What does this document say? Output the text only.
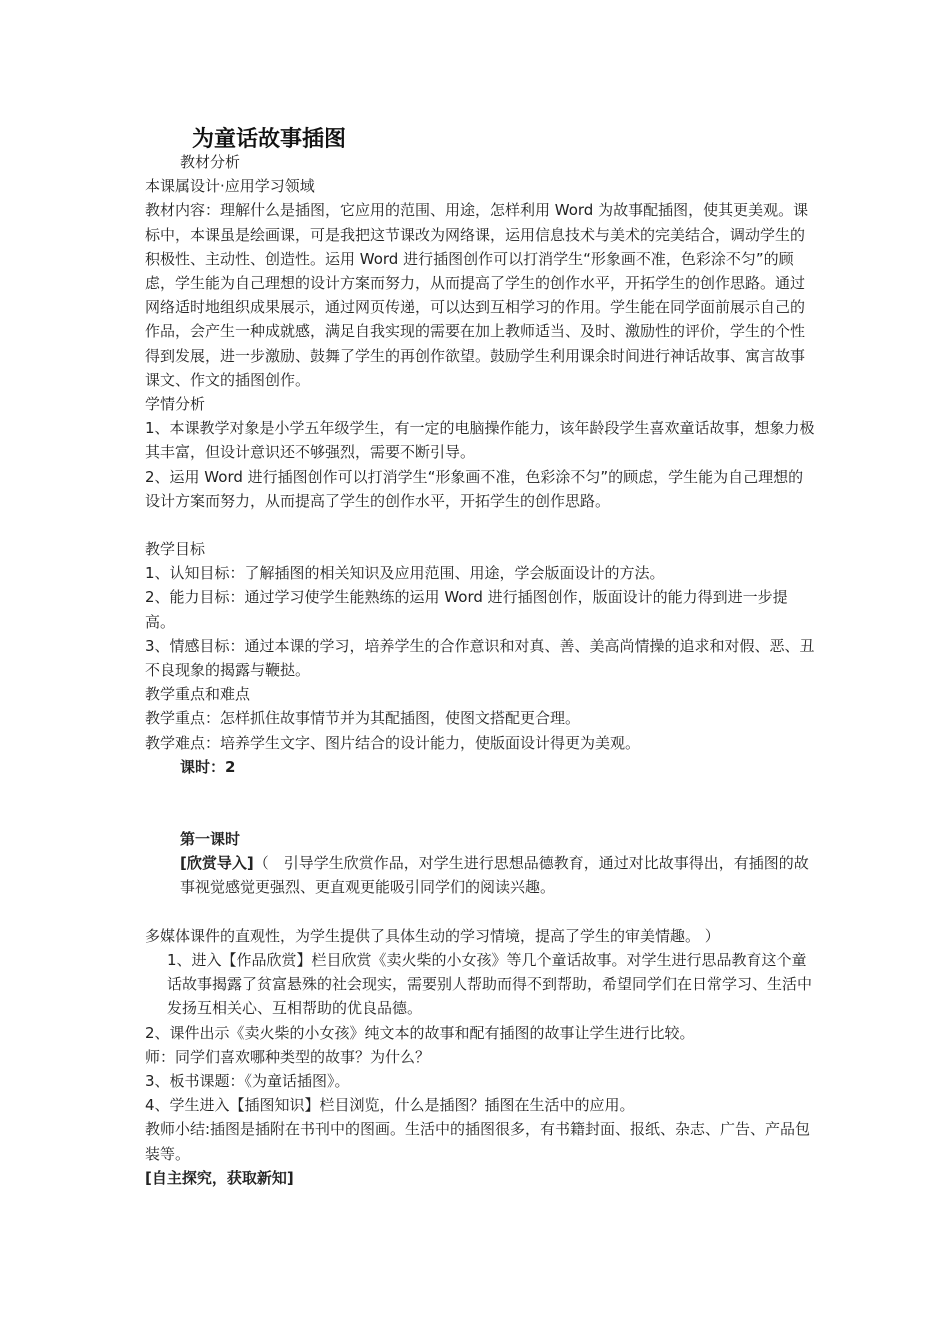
为童话故事插图

教材分析

本课属设计·应用学习领域

教材内容：理解什么是插图，它应用的范围、用途，怎样利用 Word 为故事配插图，使其更美观。课标中，本课虽是绘画课，可是我把这节课改为网络课，运用信息技术与美术的完美结合，调动学生的积极性、主动性、创造性。运用 Word 进行插图创作可以打消学生“形象画不准，色彩涂不匀”的顾虑，学生能为自己理想的设计方案而努力，从而提高了学生的创作水平，开拓学生的创作思路。通过网络适时地组织成果展示，通过网页传递，可以达到互相学习的作用。学生能在同学面前展示自己的作品，会产生一种成就感，满足自我实现的需要在加上教师适当、及时、激励性的评价，学生的个性得到发展，进一步激励、鼓舞了学生的再创作欲望。鼓励学生利用课余时间进行神话故事、寓言故事课文、作文的插图创作。

学情分析

1、本课教学对象是小学五年级学生，有一定的电脑操作能力，该年龄段学生喜欢童话故事，想象力极其丰富，但设计意识还不够强烈，需要不断引导。

2、运用 Word 进行插图创作可以打消学生“形象画不准，色彩涂不匀”的顾虑，学生能为自己理想的设计方案而努力，从而提高了学生的创作水平，开拓学生的创作思路。

教学目标

1、认知目标：了解插图的相关知识及应用范围、用途，学会版面设计的方法。

2、能力目标：通过学习使学生能熟练的运用 Word 进行插图创作，版面设计的能力得到进一步提高。

3、情感目标：通过本课的学习，培养学生的合作意识和对真、善、美高尚情操的追求和对假、恶、丑不良现象的揭露与鞭挞。

教学重点和难点

教学重点：怎样抓住故事情节并为其配插图，使图文搭配更合理。

教学难点：培养学生文字、图片结合的设计能力，使版面设计得更为美观。

课时：2

第一课时

[欣赏导入]（　引导学生欣赏作品，对学生进行思想品德教育，通过对比故事得出，有插图的故事视觉感觉更强烈、更直观更能吸引同学们的阅读兴趣。

多媒体课件的直观性，为学生提供了具体生动的学习情境，提高了学生的审美情趣。 ）

1、进入【作品欣赏】栏目欣赏《卖火柴的小女孩》等几个童话故事。对学生进行思品教育这个童话故事揭露了贫富悬殊的社会现实，需要别人帮助而得不到帮助，希望同学们在日常学习、生活中发扬互相关心、互相帮助的优良品德。

2、课件出示《卖火柴的小女孩》纯文本的故事和配有插图的故事让学生进行比较。

师：同学们喜欢哪种类型的故事？为什么？

3、板书课题：《为童话插图》。

4、学生进入【插图知识】栏目浏览，什么是插图？插图在生活中的应用。

教师小结:插图是插附在书刊中的图画。生活中的插图很多，有书籍封面、报纸、杂志、广告、产品包装等。

[自主探究，获取新知]
